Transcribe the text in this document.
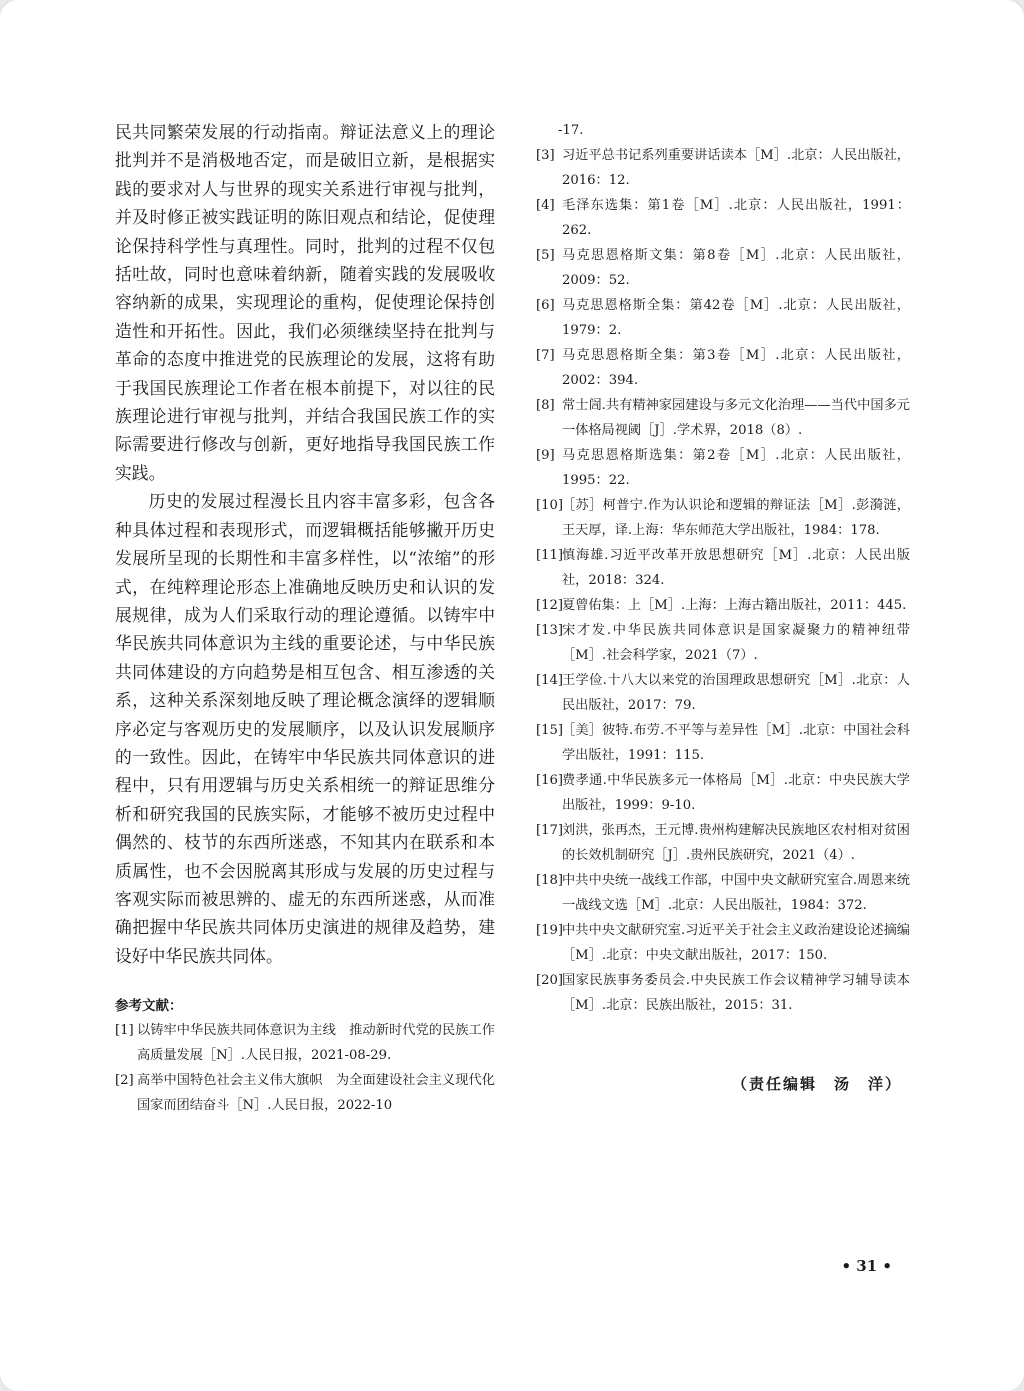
民共同繁荣发展的行动指南。辩证法意义上的理论批判并不是消极地否定，而是破旧立新，是根据实践的要求对人与世界的现实关系进行审视与批判，并及时修正被实践证明的陈旧观点和结论，促使理论保持科学性与真理性。同时，批判的过程不仅包括吐故，同时也意味着纳新，随着实践的发展吸收容纳新的成果，实现理论的重构，促使理论保持创造性和开拓性。因此，我们必须继续坚持在批判与革命的态度中推进党的民族理论的发展，这将有助于我国民族理论工作者在根本前提下，对以往的民族理论进行审视与批判，并结合我国民族工作的实际需要进行修改与创新，更好地指导我国民族工作实践。

历史的发展过程漫长且内容丰富多彩，包含各种具体过程和表现形式，而逻辑概括能够撇开历史发展所呈现的长期性和丰富多样性，以“浓缩”的形式，在纯粹理论形态上准确地反映历史和认识的发展规律，成为人们采取行动的理论遵循。以铸牢中华民族共同体意识为主线的重要论述，与中华民族共同体建设的方向趋势是相互包含、相互渗透的关系，这种关系深刻地反映了理论概念演绎的逻辑顺序必定与客观历史的发展顺序，以及认识发展顺序的一致性。因此，在铸牢中华民族共同体意识的进程中，只有用逻辑与历史关系相统一的辩证思维分析和研究我国的民族实际，才能够不被历史过程中偶然的、枝节的东西所迷惑，不知其内在联系和本质属性，也不会因脱离其形成与发展的历史过程与客观实际而被思辨的、虚无的东西所迷惑，从而准确把握中华民族共同体历史演进的规律及趋势，建设好中华民族共同体。

参考文献：
[1] 以铸牢中华民族共同体意识为主线　推动新时代党的民族工作高质量发展［N］.人民日报，2021-08-29.
[2] 高举中国特色社会主义伟大旗帜　为全面建设社会主义现代化国家而团结奋斗［N］.人民日报，2022-10
-17.
[3] 习近平总书记系列重要讲话读本［M］.北京：人民出版社，2016：12.
[4] 毛泽东选集：第1卷［M］.北京：人民出版社，1991：262.
[5] 马克思恩格斯文集：第8卷［M］.北京：人民出版社，2009：52.
[6] 马克思恩格斯全集：第42卷［M］.北京：人民出版社，1979：2.
[7] 马克思恩格斯全集：第3卷［M］.北京：人民出版社，2002：394.
[8] 常士訚.共有精神家园建设与多元文化治理——当代中国多元一体格局视阈［J］.学术界，2018（8）.
[9] 马克思恩格斯选集：第2卷［M］.北京：人民出版社，1995：22.
[10]
［苏］柯普宁.作为认识论和逻辑的辩证法［M］.彭漪涟，王天厚，译.上海：华东师范大学出版社，1984：178.
[11]
慎海雄.习近平改革开放思想研究［M］.北京：人民出版社，2018：324.
[12]
夏曾佑集：上［M］.上海：上海古籍出版社，2011：445.
[13]
宋才发.中华民族共同体意识是国家凝聚力的精神纽带［M］.社会科学家，2021（7）.
[14]
王学俭.十八大以来党的治国理政思想研究［M］.北京：人民出版社，2017：79.
[15]
［美］彼特.布劳.不平等与差异性［M］.北京：中国社会科学出版社，1991：115.
[16]
费孝通.中华民族多元一体格局［M］.北京：中央民族大学出版社，1999：9-10.
[17]
刘洪，张再杰，王元博.贵州构建解决民族地区农村相对贫困的长效机制研究［J］.贵州民族研究，2021（4）.
[18]
中共中央统一战线工作部，中国中央文献研究室合.周恩来统一战线文选［M］.北京：人民出版社，1984：372.
[19]
中共中央文献研究室.习近平关于社会主义政治建设论述摘编［M］.北京：中央文献出版社，2017：150.
[20]
国家民族事务委员会.中央民族工作会议精神学习辅导读本［M］.北京：民族出版社，2015：31.
（责任编辑　汤　洋）
• 31 •
